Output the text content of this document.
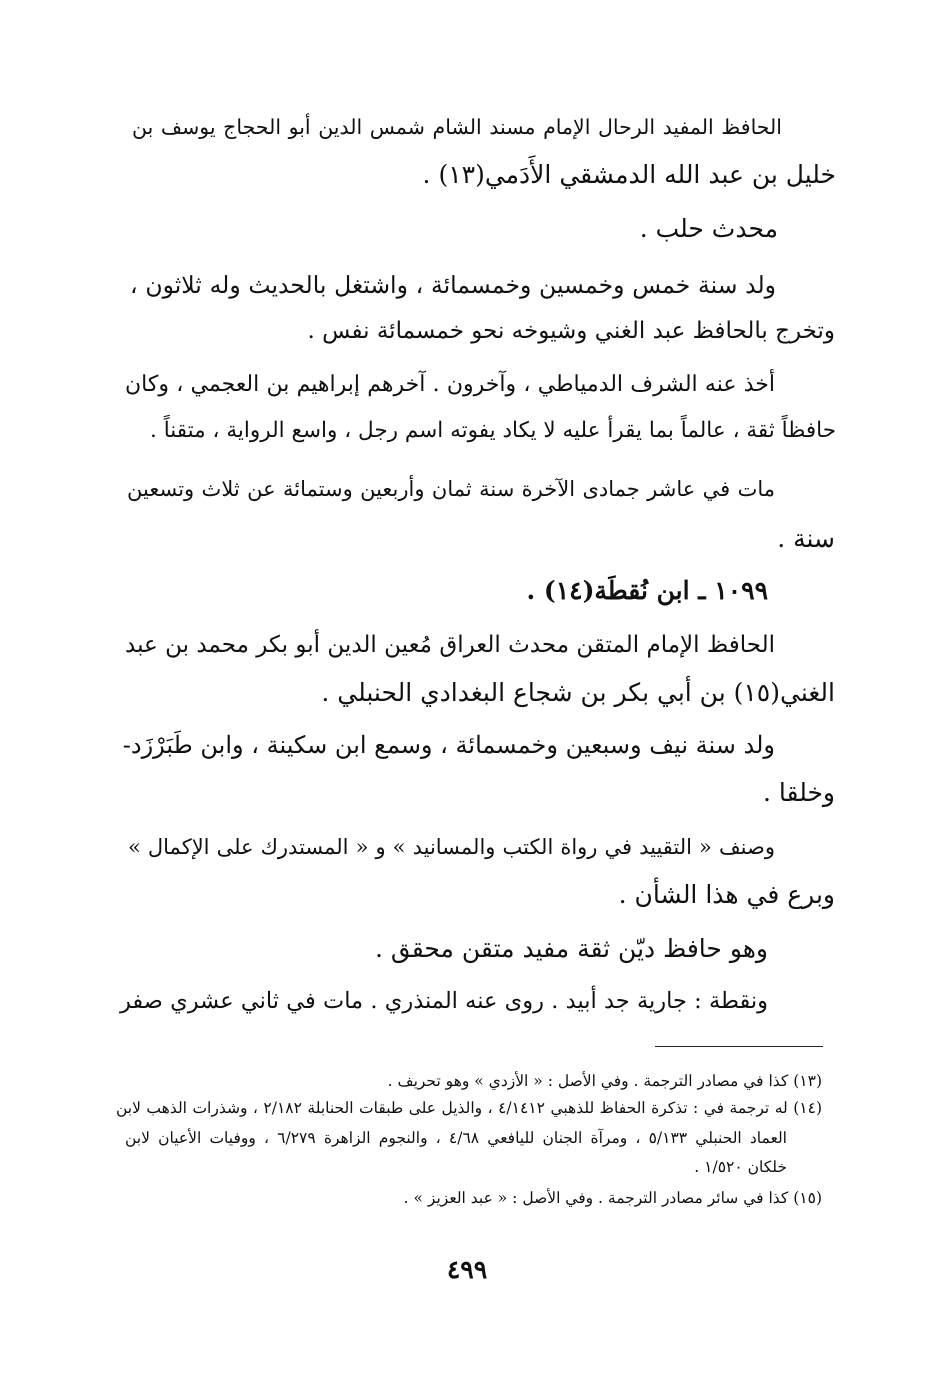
الحافظ المفيد الرحال الإمام مسند الشام شمس الدين أبو الحجاج يوسف بن
خليل بن عبد الله الدمشقي الأَدَمي(١٣) .
محدث حلب .
ولد سنة خمس وخمسين وخمسمائة ، واشتغل بالحديث وله ثلاثون ،
وتخرج بالحافظ عبد الغني وشيوخه نحو خمسمائة نفس .
أخذ عنه الشرف الدمياطي ، وآخرون . آخرهم إبراهيم بن العجمي ، وكان
حافظاً ثقة ، عالماً بما يقرأ عليه لا يكاد يفوته اسم رجل ، واسع الرواية ، متقناً .
مات في عاشر جمادى الآخرة سنة ثمان وأربعين وستمائة عن ثلاث وتسعين
سنة .
١٠٩٩ ـ ابن نُقطَة(١٤) .
الحافظ الإمام المتقن محدث العراق مُعين الدين أبو بكر محمد بن عبد
الغني(١٥) بن أبي بكر بن شجاع البغدادي الحنبلي .
ولد سنة نيف وسبعين وخمسمائة ، وسمع ابن سكينة ، وابن طَبَرْزَد-
وخلقا .
وصنف « التقييد في رواة الكتب والمسانيد » و « المستدرك على الإكمال »
وبرع في هذا الشأن .
وهو حافظ ديّن ثقة مفيد متقن محقق .
ونقطة : جارية جد أبيد . روى عنه المنذري . مات في ثاني عشري صفر
(١٣) كذا في مصادر الترجمة . وفي الأصل : « الأزدي » وهو تحريف .
(١٤) له ترجمة في : تذكرة الحفاظ للذهبي ٤/١٤١٢ ، والذيل على طبقات الحنابلة ٢/١٨٢ ، وشذرات الذهب لابن
العماد الحنبلي ٥/١٣٣ ، ومرآة الجنان لليافعي ٤/٦٨ ، والنجوم الزاهرة ٦/٢٧٩ ، ووفيات الأعيان لابن
خلكان ١/٥٢٠ .
(١٥) كذا في سائر مصادر الترجمة . وفي الأصل : « عبد العزيز » .
٤٩٩
